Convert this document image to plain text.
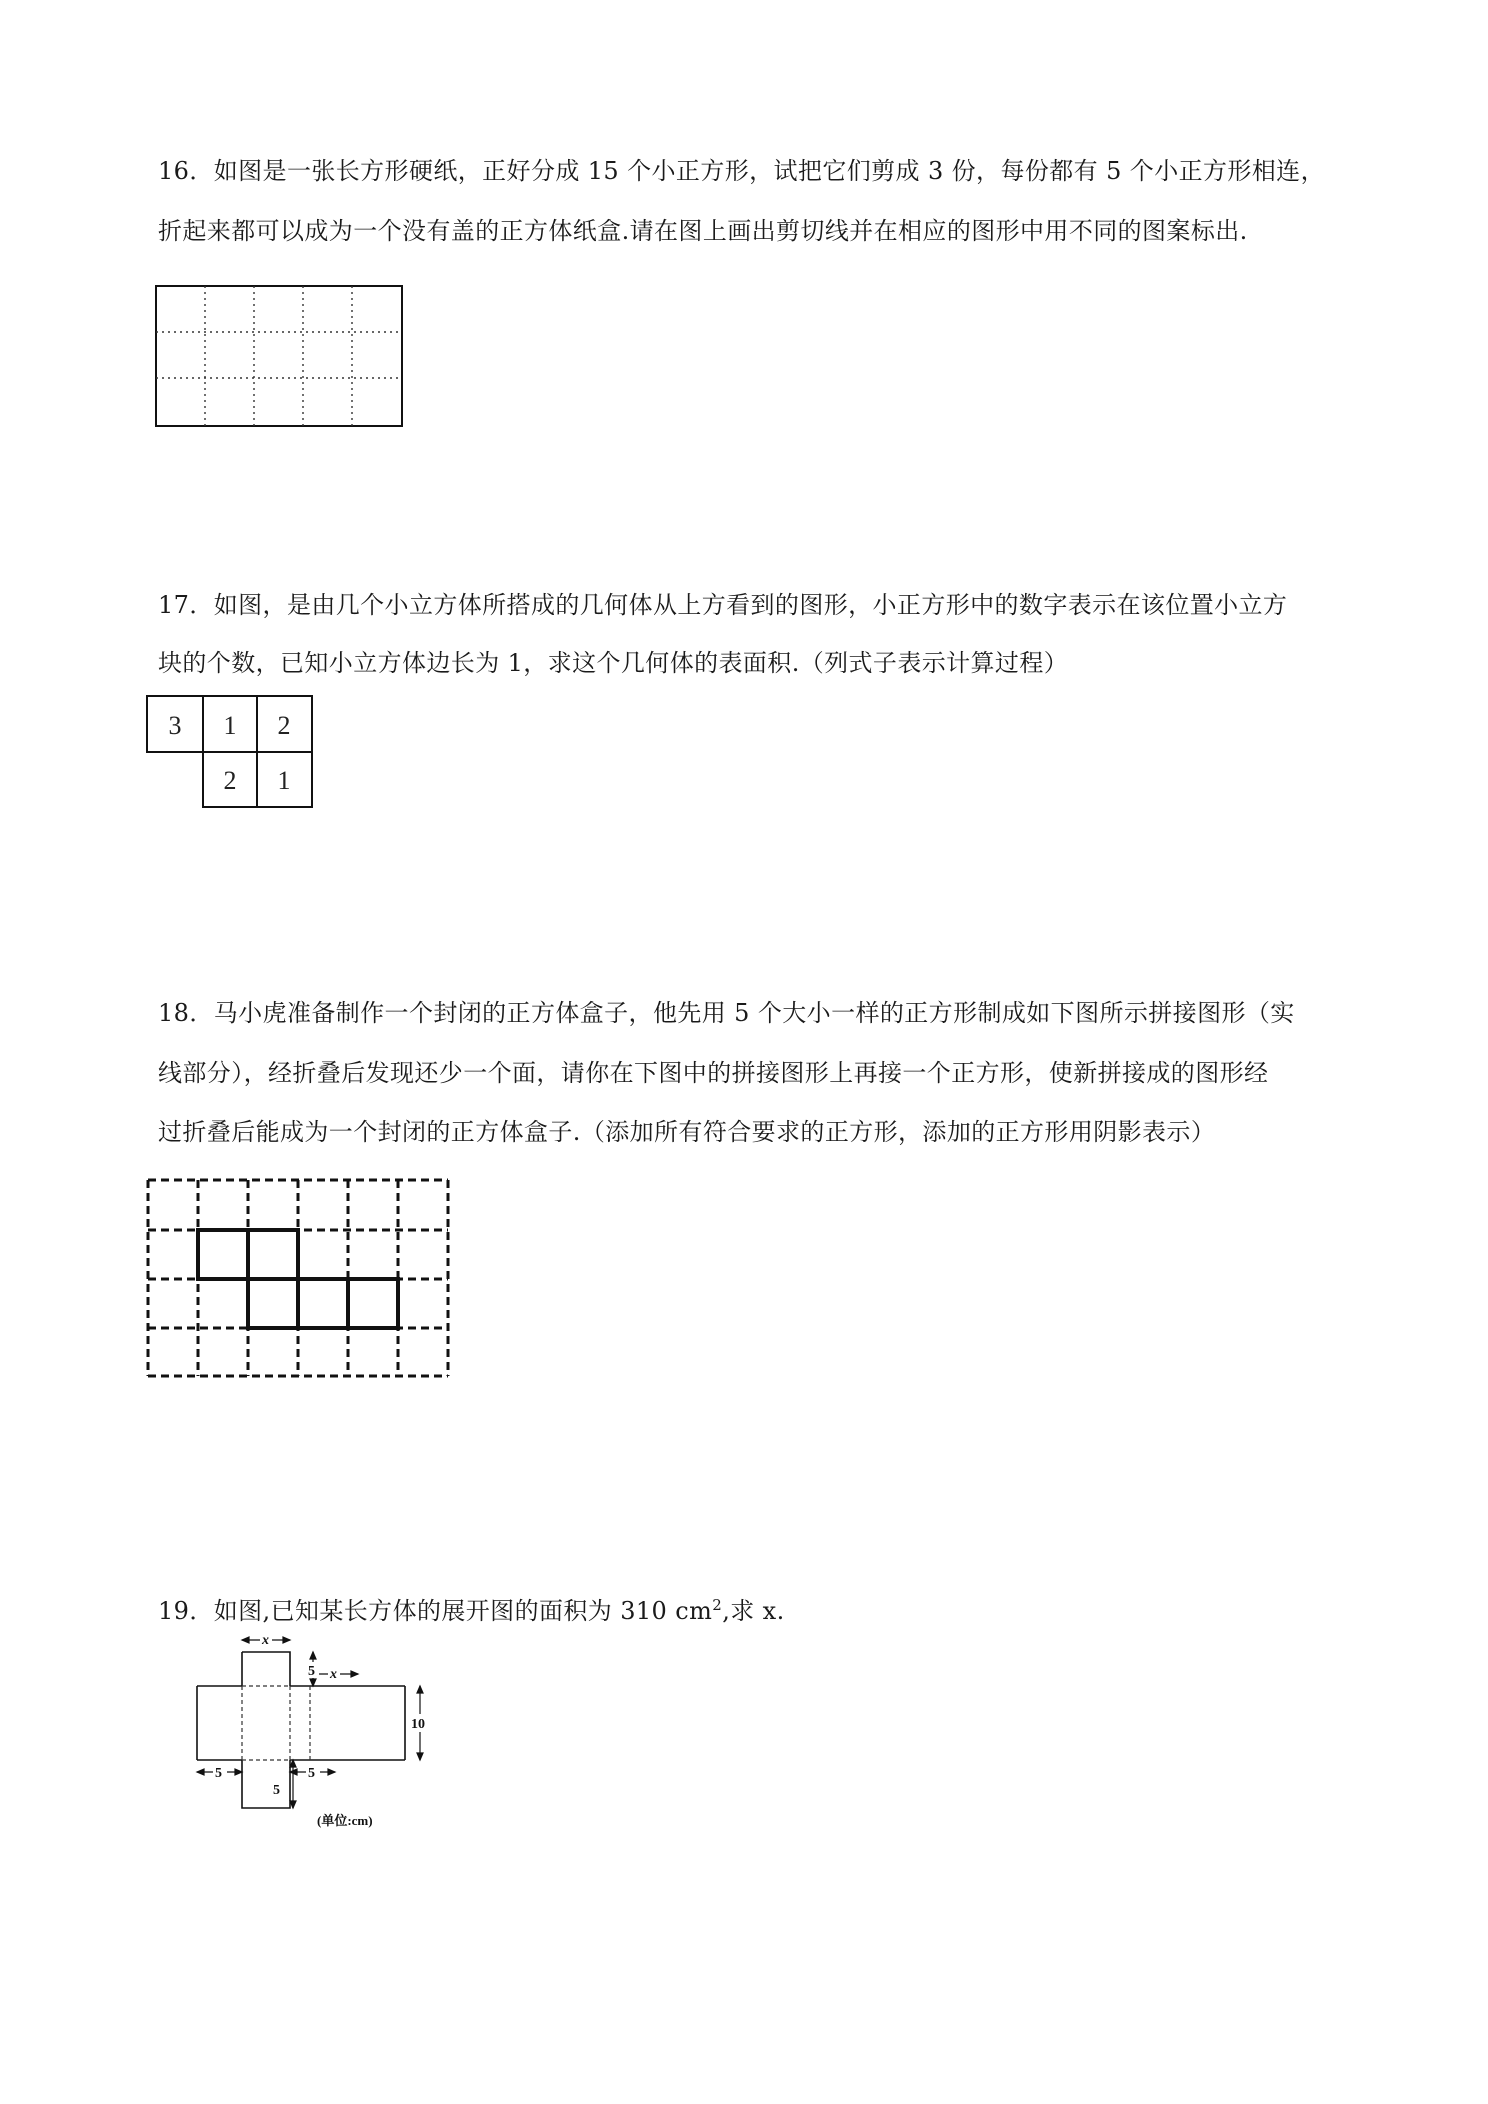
16．如图是一张长方形硬纸，正好分成 15 个小正方形，试把它们剪成 3 份，每份都有 5 个小正方形相连，
折起来都可以成为一个没有盖的正方体纸盒.请在图上画出剪切线并在相应的图形中用不同的图案标出.
17．如图，是由几个小立方体所搭成的几何体从上方看到的图形，小正方形中的数字表示在该位置小立方
块的个数，已知小立方体边长为 1，求这个几何体的表面积.（列式子表示计算过程）
3 1 2
2 1
18．马小虎准备制作一个封闭的正方体盒子，他先用 5 个大小一样的正方形制成如下图所示拼接图形（实
线部分），经折叠后发现还少一个面，请你在下图中的拼接图形上再接一个正方形，使新拼接成的图形经
过折叠后能成为一个封闭的正方体盒子.（添加所有符合要求的正方形，添加的正方形用阴影表示）
19．如图,已知某长方体的展开图的面积为 310 $cm^2$,求 x.
x
x
5
10
5	5
5
(单位:cm)
